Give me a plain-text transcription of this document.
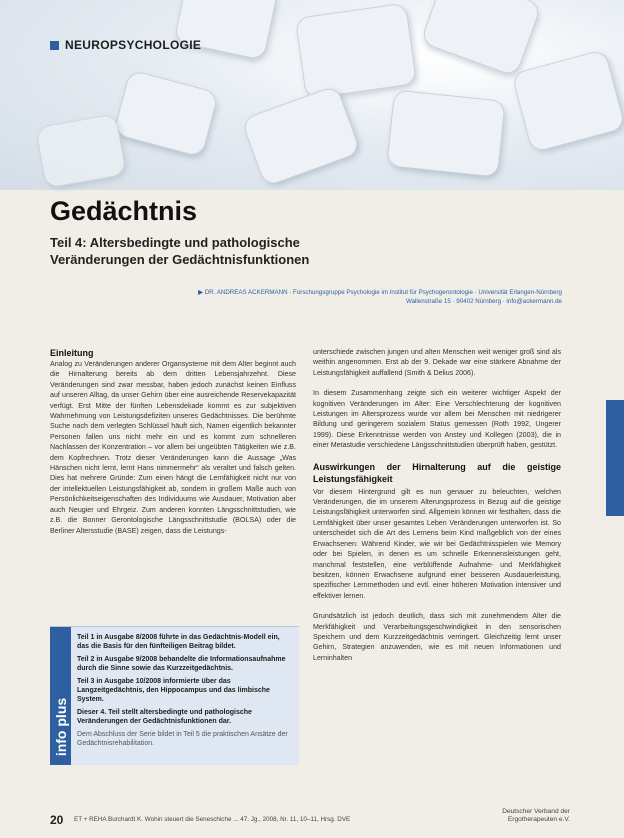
NEUROPSYCHOLOGIE
Gedächtnis
Teil 4: Altersbedingte und pathologische Veränderungen der Gedächtnisfunktionen
▶ DR. ANDREAS ACKERMANN · Forschungsgruppe Psychologie im Institut für Psychogerontologie · Universität Erlangen-Nürnberg
Wallenstraße 15 · 90402 Nürnberg · info@ackermann.de
Einleitung
Analog zu Veränderungen anderer Organsysteme mit dem Alter beginnt auch die Hirnalterung bereits ab dem dritten Lebensjahrzehnt. Diese Veränderungen sind zwar messbar, haben jedoch zunächst keinen Einfluss auf unseren Alltag, da unser Gehirn über eine ausreichende Reservekapazität verfügt. Erst Mitte der fünften Lebensdekade kommt es zur subjektiven Wahrnehmung von Leistungsdefiziten unseres Gedächtnisses. Die berühmte Suche nach dem verlegten Schlüssel häuft sich, Namen eigentlich bekannter Personen fallen uns nicht mehr ein und es kommt zum schnelleren Nachlassen der Konzentration – vor allem bei ungeübten Tätigkeiten wie z.B. dem Kopfrechnen. Trotz dieser Veränderungen kann die Aussage „Was Hänschen nicht lernt, lernt Hans nimmermehr“ als veraltet und falsch gelten. Dies hat mehrere Gründe: Zum einen hängt die Lernfähigkeit nicht nur von der intellektuellen Leistungsfähigkeit ab, sondern in großem Maße auch von Persönlichkeitseigenschaften des Individuums wie Ausdauer, Motivation aber auch Neugier und Ehrgeiz. Zum anderen konnten Längsschnittstudien, wie z.B. die Bonner Gerontologische Längsschnittstudie (BOLSA) oder die Berliner Altersstudie (BASE) zeigen, dass die Leistungs-
unterschiede zwischen jungen und alten Menschen weit weniger groß sind als weithin angenommen. Erst ab der 9. Dekade war eine stärkere Abnahme der Leistungsfähigkeit auffallend (Smith & Delius 2006).
In diesem Zusammenhang zeigte sich ein weiterer wichtiger Aspekt der kognitiven Veränderungen im Alter: Eine Verschlechterung der kognitiven Leistungen im Altersprozess wurde vor allem bei Menschen mit niedrigerer Bildung und geringerem sozialem Status gemessen (Roth 1992, Ungerer 1999). Diese Erkenntnisse werden von Anstey und Kollegen (2003), die in einer Metastudie verschiedene Längsschnittstudien überprüft haben, gestützt.
Auswirkungen der Hirnalterung auf die geistige Leistungsfähigkeit
Vor diesem Hintergrund gilt es nun genauer zu beleuchten, welchen Veränderungen, die im unserem Alterungsprozess in Bezug auf die geistige Leistungsfähigkeit unterworfen sind. Allgemein können wir festhalten, dass die Lernfähigkeit über unser gesamtes Leben Veränderungen unterworfen ist. So unterscheidet sich die Art des Lernens beim Kind maßgeblich von der eines Erwachsenen: Während Kinder, wie wir bei Gedächtnisspielen wie Memory oder bei Spielen, in denen es um schnelle Erkennensleistungen geht, manchmal feststellen, eine verblüffende Aufnahme- und Merkfähigkeit besitzen, können Erwachsene aufgrund einer besseren Ausdauerleistung, spezifischer Lernmethoden und evtl. einer höheren Motivation intensiver und effektiver lernen.
Grundsätzlich ist jedoch deutlich, dass sich mit zunehmendem Alter die Merkfähigkeit und Verarbeitungsgeschwindigkeit in den sensorischen Speichern und dem Kurzzeitgedächtnis verringert. Gleichzeitig lernt unser Gehirn, Strategien anzuwenden, wie es mit neuen Informationen und Lerninhalten
info plus
Teil 1 in Ausgabe 8/2008 führte in das Gedächtnis-Modell ein, das die Basis für den fünfteiligen Beitrag bildet.
Teil 2 in Ausgabe 9/2008 behandelte die Informationsaufnahme durch die Sinne sowie das Kurzzeitgedächtnis.
Teil 3 in Ausgabe 10/2008 informierte über das Langzeitgedächtnis, den Hippocampus und das limbische System.
Dieser 4. Teil stellt altersbedingte und pathologische Veränderungen der Gedächtnisfunktionen dar.
Dem Abschluss der Serie bildet in Teil 5 die praktischen Ansätze der Gedächtnisrehabilitation.
20 ET + REHA Burchardt K. Wohin steuert die Seneschiche ... 47. Jg., 2008, Nr. 11, 10–11, Hrsg. DVE
Deutscher Verband der Ergotherapeuten e.V.
